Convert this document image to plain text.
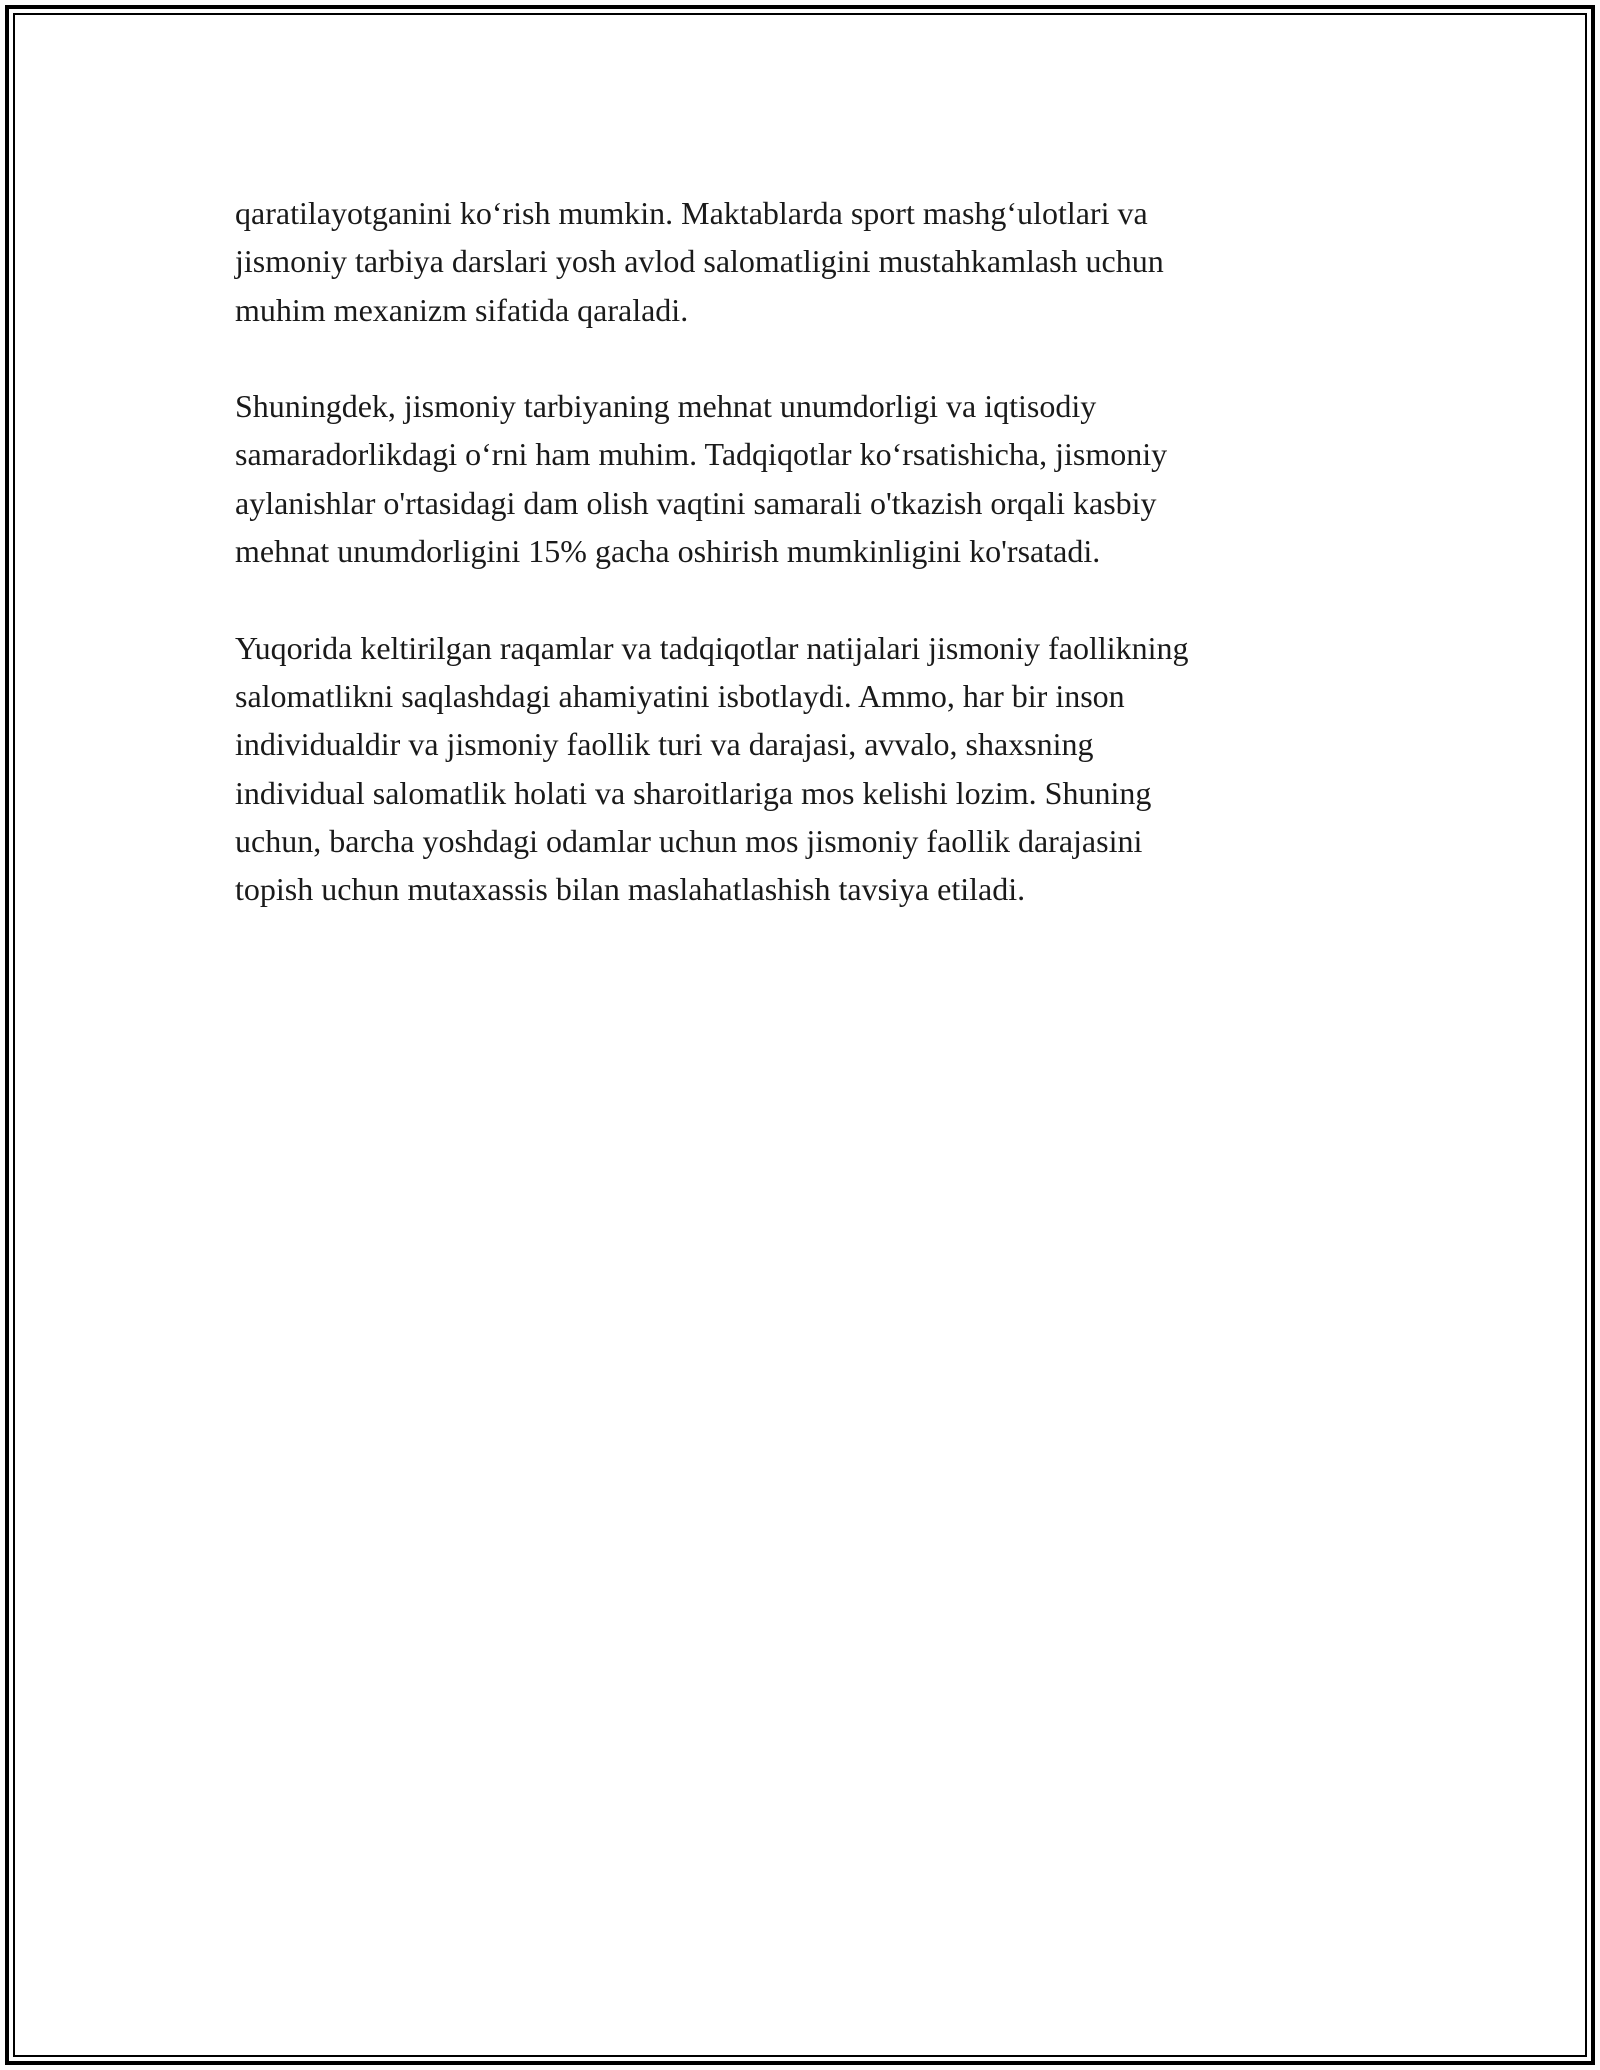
qaratilayotganini ko‘rish mumkin. Maktablarda sport mashg‘ulotlari va
jismoniy tarbiya darslari yosh avlod salomatligini mustahkamlash uchun
muhim mexanizm sifatida qaraladi.

Shuningdek, jismoniy tarbiyaning mehnat unumdorligi va iqtisodiy
samaradorlikdagi o‘rni ham muhim. Tadqiqotlar ko‘rsatishicha, jismoniy
aylanishlar o'rtasidagi dam olish vaqtini samarali o'tkazish orqali kasbiy
mehnat unumdorligini 15% gacha oshirish mumkinligini ko'rsatadi.

Yuqorida keltirilgan raqamlar va tadqiqotlar natijalari jismoniy faollikning
salomatlikni saqlashdagi ahamiyatini isbotlaydi. Ammo, har bir inson
individualdir va jismoniy faollik turi va darajasi, avvalo, shaxsning
individual salomatlik holati va sharoitlariga mos kelishi lozim. Shuning
uchun, barcha yoshdagi odamlar uchun mos jismoniy faollik darajasini
topish uchun mutaxassis bilan maslahatlashish tavsiya etiladi.
